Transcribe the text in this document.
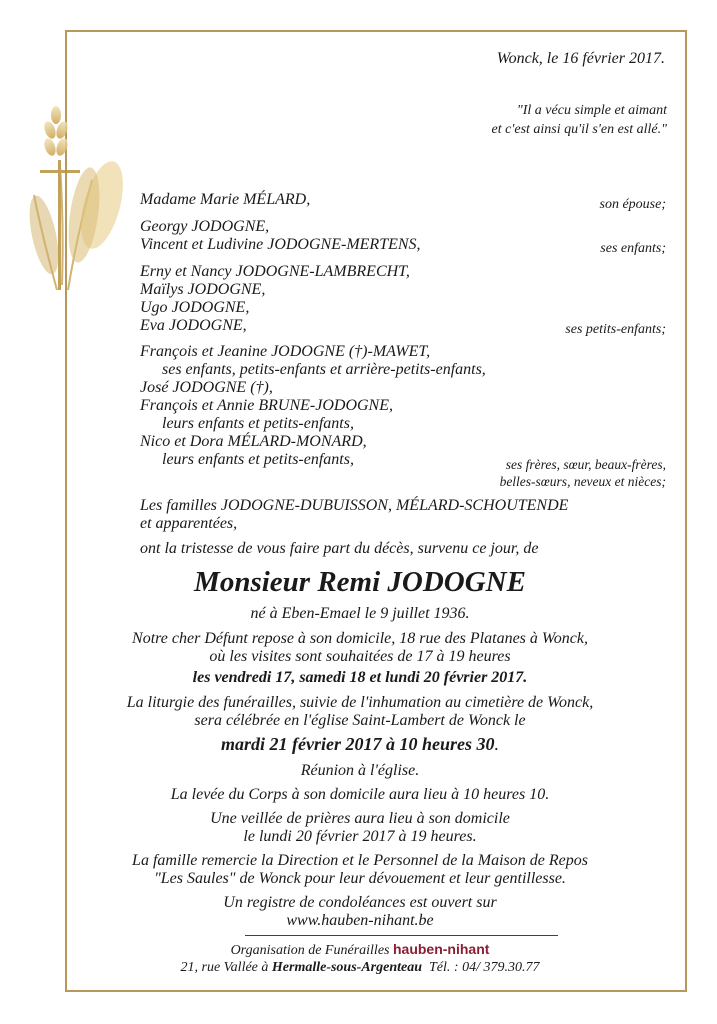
Wonck, le 16 février 2017.
"Il a vécu simple et aimant
et c'est ainsi qu'il s'en est allé."
Madame Marie MÉLARD,	son épouse;
Georgy JODOGNE,
Vincent et Ludivine JODOGNE-MERTENS,	ses enfants;
Erny et Nancy JODOGNE-LAMBRECHT,
Maïlys JODOGNE,
Ugo JODOGNE,
Eva JODOGNE,	ses petits-enfants;
François et Jeanine JODOGNE (†)-MAWET,
ses enfants, petits-enfants et arrière-petits-enfants,
José JODOGNE (†),
François et Annie BRUNE-JODOGNE,
leurs enfants et petits-enfants,
Nico et Dora MÉLARD-MONARD,
leurs enfants et petits-enfants,	ses frères, sœur, beaux-frères,
belles-sœurs, neveux et nièces;
Les familles JODOGNE-DUBUISSON, MÉLARD-SCHOUTENDE
et apparentées,
ont la tristesse de vous faire part du décès, survenu ce jour, de
Monsieur Remi JODOGNE
né à Eben-Emael le 9 juillet 1936.
Notre cher Défunt repose à son domicile, 18 rue des Platanes à Wonck,
où les visites sont souhaitées de 17 à 19 heures
les vendredi 17, samedi 18 et lundi 20 février 2017.
La liturgie des funérailles, suivie de l'inhumation au cimetière de Wonck,
sera célébrée en l'église Saint-Lambert de Wonck le
mardi 21 février 2017 à 10 heures 30.
Réunion à l'église.
La levée du Corps à son domicile aura lieu à 10 heures 10.
Une veillée de prières aura lieu à son domicile
le lundi 20 février 2017 à 19 heures.
La famille remercie la Direction et le Personnel de la Maison de Repos
"Les Saules" de Wonck pour leur dévouement et leur gentillesse.
Un registre de condoléances est ouvert sur
www.hauben-nihant.be
Organisation de Funérailles hauben-nihant
21, rue Vallée à Hermalle-sous-Argenteau Tél. : 04/ 379.30.77
